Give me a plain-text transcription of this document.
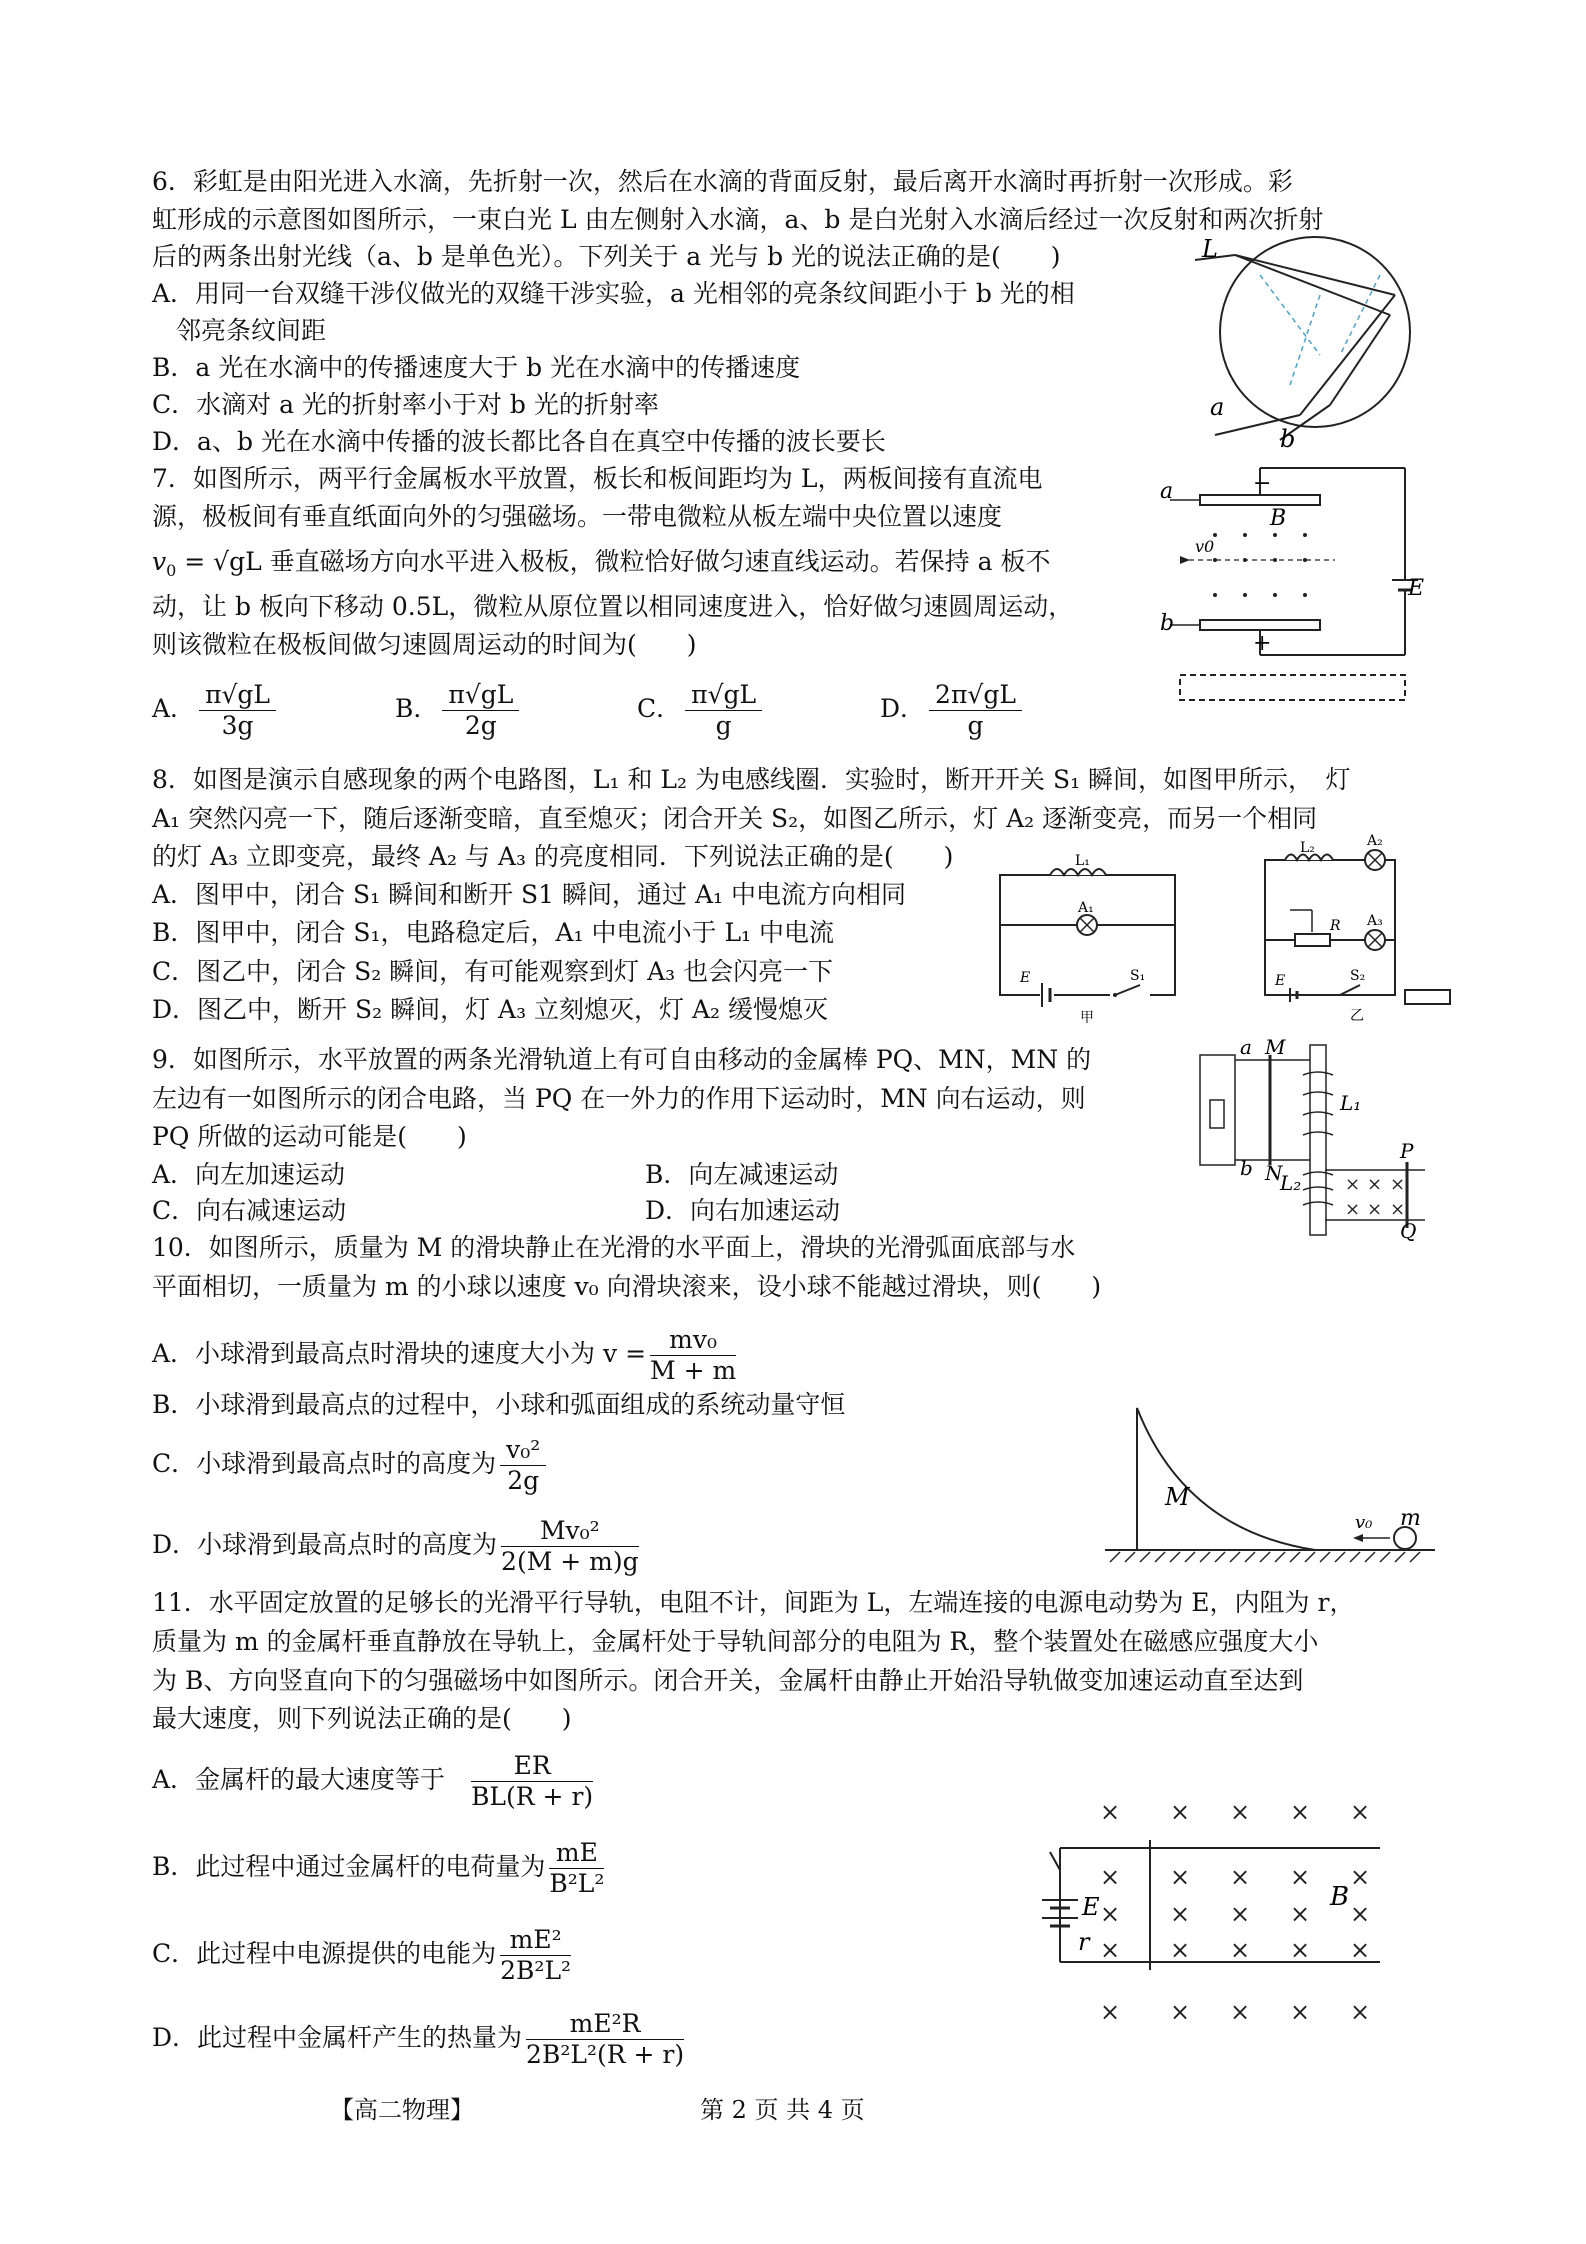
6．彩虹是由阳光进入水滴，先折射一次，然后在水滴的背面反射，最后离开水滴时再折射一次形成。彩
虹形成的示意图如图所示，一束白光 L 由左侧射入水滴，a、b 是白光射入水滴后经过一次反射和两次折射
后的两条出射光线（a、b 是单色光）。下列关于 a 光与 b 光的说法正确的是(　　)
A．用同一台双缝干涉仪做光的双缝干涉实验，a 光相邻的亮条纹间距小于 b 光的相
邻亮条纹间距
B．a 光在水滴中的传播速度大于 b 光在水滴中的传播速度
C．水滴对 a 光的折射率小于对 b 光的折射率
D．a、b 光在水滴中传播的波长都比各自在真空中传播的波长要长
L
a
b
7．如图所示，两平行金属板水平放置，板长和板间距均为 L，两板间接有直流电
源，极板间有垂直纸面向外的匀强磁场。一带电微粒从板左端中央位置以速度
$v_0 = √gL$ 垂直磁场方向水平进入极板，微粒恰好做匀速直线运动。若保持 a 板不
动，让 b 板向下移动 0.5L，微粒从原位置以相同速度进入，恰好做匀速圆周运动，
则该微粒在极板间做匀速圆周运动的时间为(　　)
A． $\frac{\pi√gL}{3g}$	B． $\frac{\pi√gL}{2g}$	C． $\frac{\pi√gL}{g}$	D． $\frac{2\pi√gL}{g}$
a
b
B
E
−
+
v0
8．如图是演示自感现象的两个电路图，L₁ 和 L₂ 为电感线圈．实验时，断开开关 S₁ 瞬间，如图甲所示，　灯
A₁ 突然闪亮一下，随后逐渐变暗，直至熄灭；闭合开关 S₂，如图乙所示，灯 A₂ 逐渐变亮，而另一个相同
的灯 A₃ 立即变亮，最终 A₂ 与 A₃ 的亮度相同．下列说法正确的是(　　)
A．图甲中，闭合 S₁ 瞬间和断开 S1 瞬间，通过 A₁ 中电流方向相同
B．图甲中，闭合 S₁，电路稳定后，A₁ 中电流小于 L₁ 中电流
C．图乙中，闭合 S₂ 瞬间，有可能观察到灯 A₃ 也会闪亮一下
D．图乙中，断开 S₂ 瞬间，灯 A₃ 立刻熄灭，灯 A₂ 缓慢熄灭
L₁
A₁
E	S₁
甲
L₂	A₂
A₃
R
E	S₂
乙
9．如图所示，水平放置的两条光滑轨道上有可自由移动的金属棒 PQ、MN，MN 的
左边有一如图所示的闭合电路，当 PQ 在一外力的作用下运动时，MN 向右运动，则
PQ 所做的运动可能是(　　)
A．向左加速运动	B．向左减速运动
C．向右减速运动	D．向右加速运动
× × ×
× × ×
a
b
M
N
L₁
L₂
P
Q
10．如图所示，质量为 M 的滑块静止在光滑的水平面上，滑块的光滑弧面底部与水
平面相切，一质量为 m 的小球以速度 v₀ 向滑块滚来，设小球不能越过滑块，则(　　)
A．小球滑到最高点时滑块的速度大小为 $v = \frac{\text{mv₀}}{M + m}$
B．小球滑到最高点的过程中，小球和弧面组成的系统动量守恒
C．小球滑到最高点时的高度为 $\frac{\text{v₀²}}{2g}$
D．小球滑到最高点时的高度为 $\frac{\text{Mv₀²}}{2(M + m)g}$
M
m
v₀
11．水平固定放置的足够长的光滑平行导轨，电阻不计，间距为 L，左端连接的电源电动势为 E，内阻为 r，
质量为 m 的金属杆垂直静放在导轨上，金属杆处于导轨间部分的电阻为 R，整个装置处在磁感应强度大小
为 B、方向竖直向下的匀强磁场中如图所示。闭合开关，金属杆由静止开始沿导轨做变加速运动直至达到
最大速度，则下列说法正确的是(　　)
A．金属杆的最大速度等于 $\frac{ER}{BL(R + r)}$
B．此过程中通过金属杆的电荷量为 $\frac{mE}{\text{B²L²}}$
C．此过程中电源提供的电能为 $\frac{\text{mE²}}{\text{2B²L²}}$
D．此过程中金属杆产生的热量为 $\frac{\text{mE²R}}{\text{2B²L²(R + r)}}$
× × × × ×
× × × × ×
× × × × ×
× × × × ×
× × × × ×
E
r
B
【高二物理】	第 2 页 共 4 页
